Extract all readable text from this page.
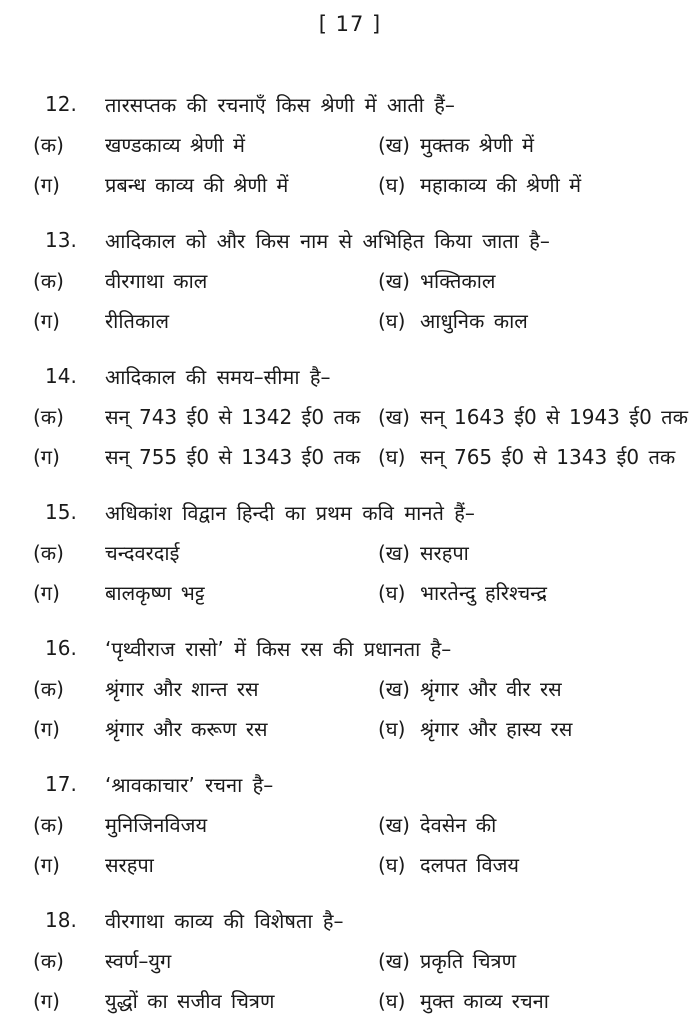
[ 17 ]
12.	तारसप्तक की रचनाएँ किस श्रेणी में आती हैं–
(क)	खण्डकाव्य श्रेणी में	(ख) मुक्तक श्रेणी में
(ग)	प्रबन्ध काव्य की श्रेणी में	(घ) महाकाव्य की श्रेणी में
13.	आदिकाल को और किस नाम से अभिहित किया जाता है–
(क)	वीरगाथा काल	(ख) भक्तिकाल
(ग)	रीतिकाल	(घ) आधुनिक काल
14.	आदिकाल की समय–सीमा है–
(क)	सन् 743 ई0 से 1342 ई0 तक (ख) सन् 1643 ई0 से 1943 ई0 तक
(ग)	सन् 755 ई0 से 1343 ई0 तक (घ) सन् 765 ई0 से 1343 ई0 तक
15.	अधिकांश विद्वान हिन्दी का प्रथम कवि मानते हैं–
(क)	चन्दवरदाई	(ख) सरहपा
(ग)	बालकृष्ण भट्ट	(घ) भारतेन्दु हरिश्चन्द्र
16.	‘पृथ्वीराज रासो’ में किस रस की प्रधानता है–
(क)	श्रृंगार और शान्त रस	(ख) श्रृंगार और वीर रस
(ग)	श्रृंगार और करूण रस	(घ) श्रृंगार और हास्य रस
17.	‘श्रावकाचार’ रचना है–
(क)	मुनिजिनविजय	(ख) देवसेन की
(ग)	सरहपा	(घ) दलपत विजय
18.	वीरगाथा काव्य की विशेषता है–
(क)	स्वर्ण–युग	(ख) प्रकृति चित्रण
(ग)	युद्धों का सजीव चित्रण	(घ) मुक्त काव्य रचना
